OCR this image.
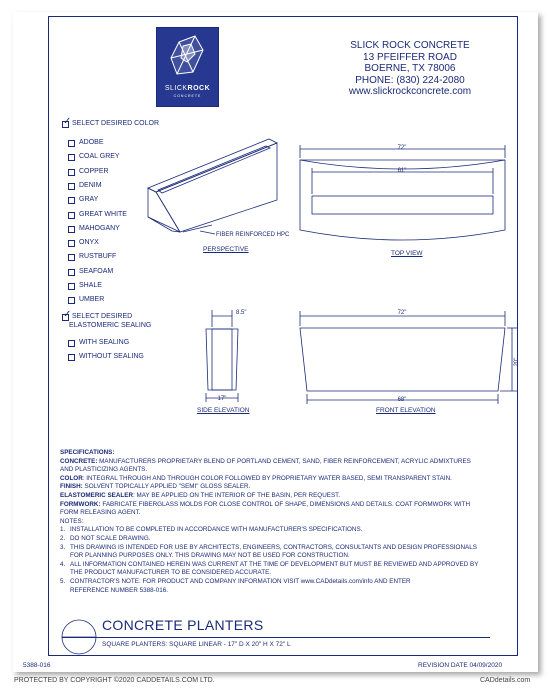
SLICKROCK
CONCRETE
SLICK ROCK CONCRETE
13 PFEIFFER ROAD
BOERNE, TX 78006
PHONE: (830) 224-2080
www.slickrockconcrete.com
✓
SELECT DESIRED COLOR
ADOBE
COAL GREY
COPPER
DENIM
GRAY
GREAT WHITE
MAHOGANY
ONYX
RUSTBUFF
SEAFOAM
SHALE
UMBER
✓
SELECT DESIRED
ELASTOMERIC SEALING
WITH SEALING
WITHOUT SEALING
72"
61"
8.5"
17"
72"
68"
20"
FIBER REINFORCED HPC
PERSPECTIVE
TOP VIEW
SIDE ELEVATION	FRONT ELEVATION
SPECIFICATIONS:
CONCRETE: MANUFACTURERS PROPRIETARY BLEND OF PORTLAND CEMENT, SAND, FIBER REINFORCEMENT, ACRYLIC ADMIXTURES
AND PLASTICIZING AGENTS.
COLOR: INTEGRAL THROUGH AND THROUGH COLOR FOLLOWED BY PROPRIETARY WATER BASED, SEMI TRANSPARENT STAIN.
FINISH: SOLVENT TOPICALLY APPLIED "SEMI" GLOSS SEALER.
ELASTOMERIC SEALER: MAY BE APPLIED ON THE INTERIOR OF THE BASIN, PER REQUEST.
FORMWORK: FABRICATE FIBERGLASS MOLDS FOR CLOSE CONTROL OF SHAPE, DIMENSIONS AND DETAILS. COAT FORMWORK WITH
FORM RELEASING AGENT.
NOTES:
1. INSTALLATION TO BE COMPLETED IN ACCORDANCE WITH MANUFACTURER'S SPECIFICATIONS.
2. DO NOT SCALE DRAWING.
3. THIS DRAWING IS INTENDED FOR USE BY ARCHITECTS, ENGINEERS, CONTRACTORS, CONSULTANTS AND DESIGN PROFESSIONALS
FOR PLANNING PURPOSES ONLY. THIS DRAWING MAY NOT BE USED FOR CONSTRUCTION.
4. ALL INFORMATION CONTAINED HEREIN WAS CURRENT AT THE TIME OF DEVELOPMENT BUT MUST BE REVIEWED AND APPROVED BY
THE PRODUCT MANUFACTURER TO BE CONSIDERED ACCURATE.
5. CONTRACTOR'S NOTE: FOR PRODUCT AND COMPANY INFORMATION VISIT www.CADdetails.com/info AND ENTER
REFERENCE NUMBER 5388-016.
CONCRETE PLANTERS
SQUARE PLANTERS: SQUARE LINEAR - 17" D X 20" H X 72" L
5388-016	REVISION DATE 04/09/2020
PROTECTED BY COPYRIGHT ©2020 CADDETAILS.COM LTD.	CADdetails.com
